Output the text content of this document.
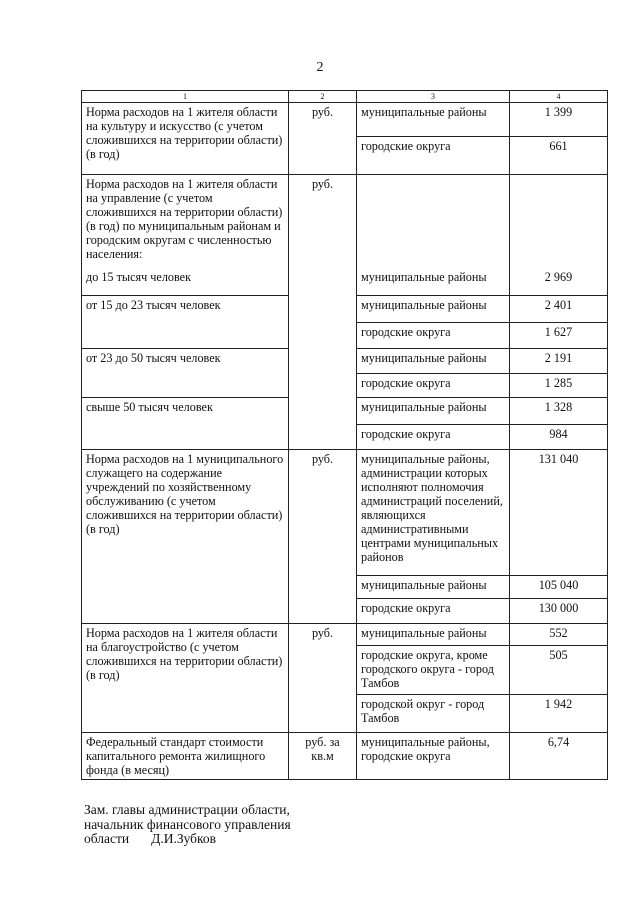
2
1	2	3	4
Норма расходов на 1 жителя области на культуру и искусство (с учетом сложившихся на территории области) (в год)	руб.	муниципальные районы	1 399
		городские округа	661
Норма расходов на 1 жителя области на управление (с учетом сложившихся на территории области) (в год) по муниципальным районам и городским округам с численностью населения:	руб.		
до 15 тысяч человек		муниципальные районы	2 969
от 15 до 23 тысяч человек		муниципальные районы	2 401
		городские округа	1 627
от 23 до 50 тысяч человек		муниципальные районы	2 191
		городские округа	1 285
свыше 50 тысяч человек		муниципальные районы	1 328
		городские округа	984
Норма расходов на 1 муниципального служащего на содержание учреждений по хозяйственному обслуживанию (с учетом сложившихся на территории области) (в год)	руб.	муниципальные районы, администрации которых исполняют полномочия администраций поселений, являющихся административными центрами муниципальных районов	131 040
		муниципальные районы	105 040
		городские округа	130 000
Норма расходов на 1 жителя области на благоустройство (с учетом сложившихся на территории области) (в год)	руб.	муниципальные районы	552
		городские округа, кроме городского округа - город Тамбов	505
		городской округ - город Тамбов	1 942
Федеральный стандарт стоимости капитального ремонта жилищного фонда (в месяц)	руб. за кв.м	муниципальные районы, городские округа	6,74
Зам. главы администрации области,
начальник финансового управления
области Д.И.Зубков
